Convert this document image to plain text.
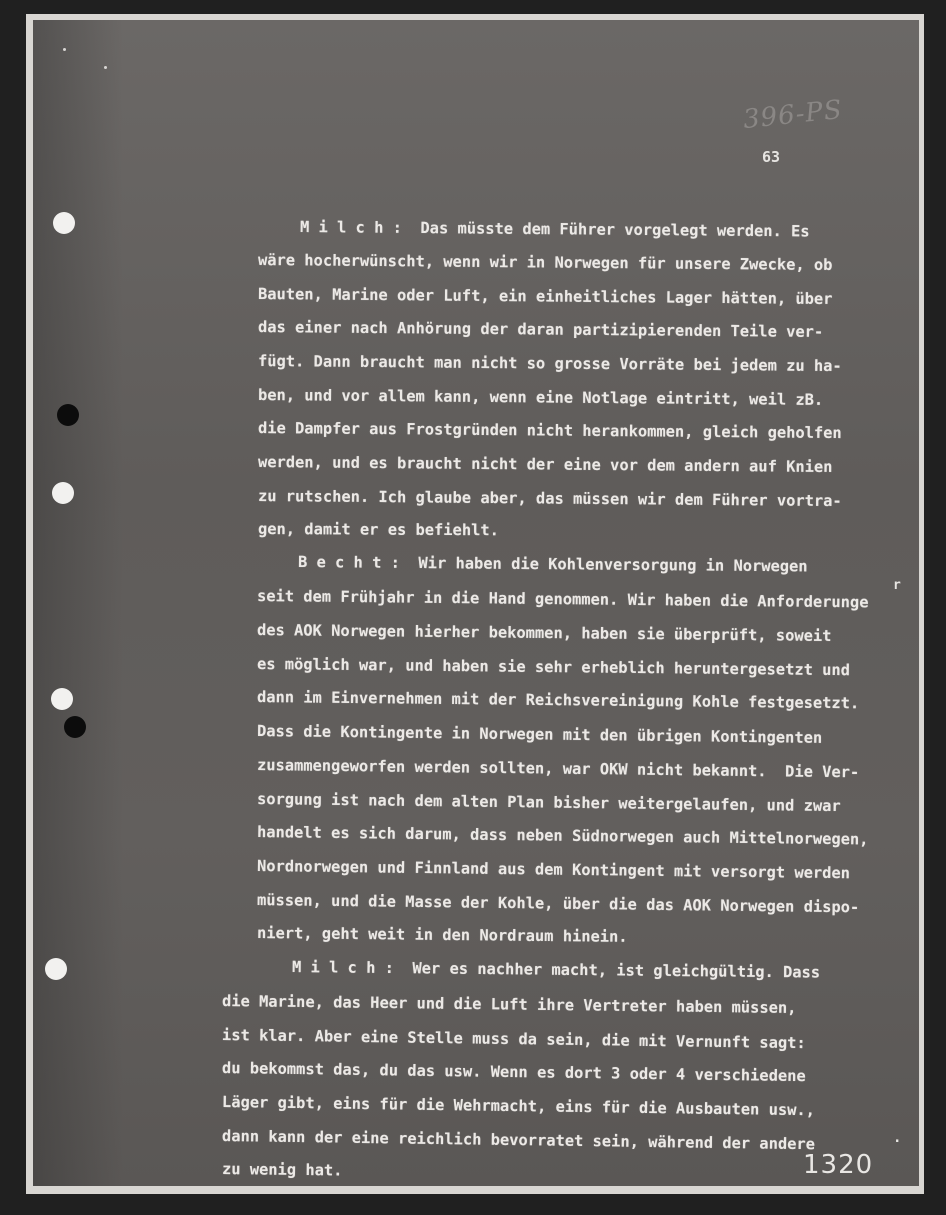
396-PS
63
M i l c h :  Das müsste dem Führer vorgelegt werden. Es
wäre hocherwünscht, wenn wir in Norwegen für unsere Zwecke, ob
Bauten, Marine oder Luft, ein einheitliches Lager hätten, über
das einer nach Anhörung der daran partizipierenden Teile ver-
fügt. Dann braucht man nicht so grosse Vorräte bei jedem zu ha-
ben, und vor allem kann, wenn eine Notlage eintritt, weil zB.
die Dampfer aus Frostgründen nicht herankommen, gleich geholfen
werden, und es braucht nicht der eine vor dem andern auf Knien
zu rutschen. Ich glaube aber, das müssen wir dem Führer vortra-
gen, damit er es befiehlt.
B e c h t :  Wir haben die Kohlenversorgung in Norwegen
seit dem Frühjahr in die Hand genommen. Wir haben die Anforderunge
des AOK Norwegen hierher bekommen, haben sie überprüft, soweit
es möglich war, und haben sie sehr erheblich heruntergesetzt und
dann im Einvernehmen mit der Reichsvereinigung Kohle festgesetzt.
Dass die Kontingente in Norwegen mit den übrigen Kontingenten
zusammengeworfen werden sollten, war OKW nicht bekannt.  Die Ver-
sorgung ist nach dem alten Plan bisher weitergelaufen, und zwar
handelt es sich darum, dass neben Südnorwegen auch Mittelnorwegen,
Nordnorwegen und Finnland aus dem Kontingent mit versorgt werden
müssen, und die Masse der Kohle, über die das AOK Norwegen dispo-
niert, geht weit in den Nordraum hinein.
M i l c h :  Wer es nachher macht, ist gleichgültig. Dass
die Marine, das Heer und die Luft ihre Vertreter haben müssen,
ist klar. Aber eine Stelle muss da sein, die mit Vernunft sagt:
du bekommst das, du das usw. Wenn es dort 3 oder 4 verschiedene
Läger gibt, eins für die Wehrmacht, eins für die Ausbauten usw.,
dann kann der eine reichlich bevorratet sein, während der andere
zu wenig hat.
r
.
1320
